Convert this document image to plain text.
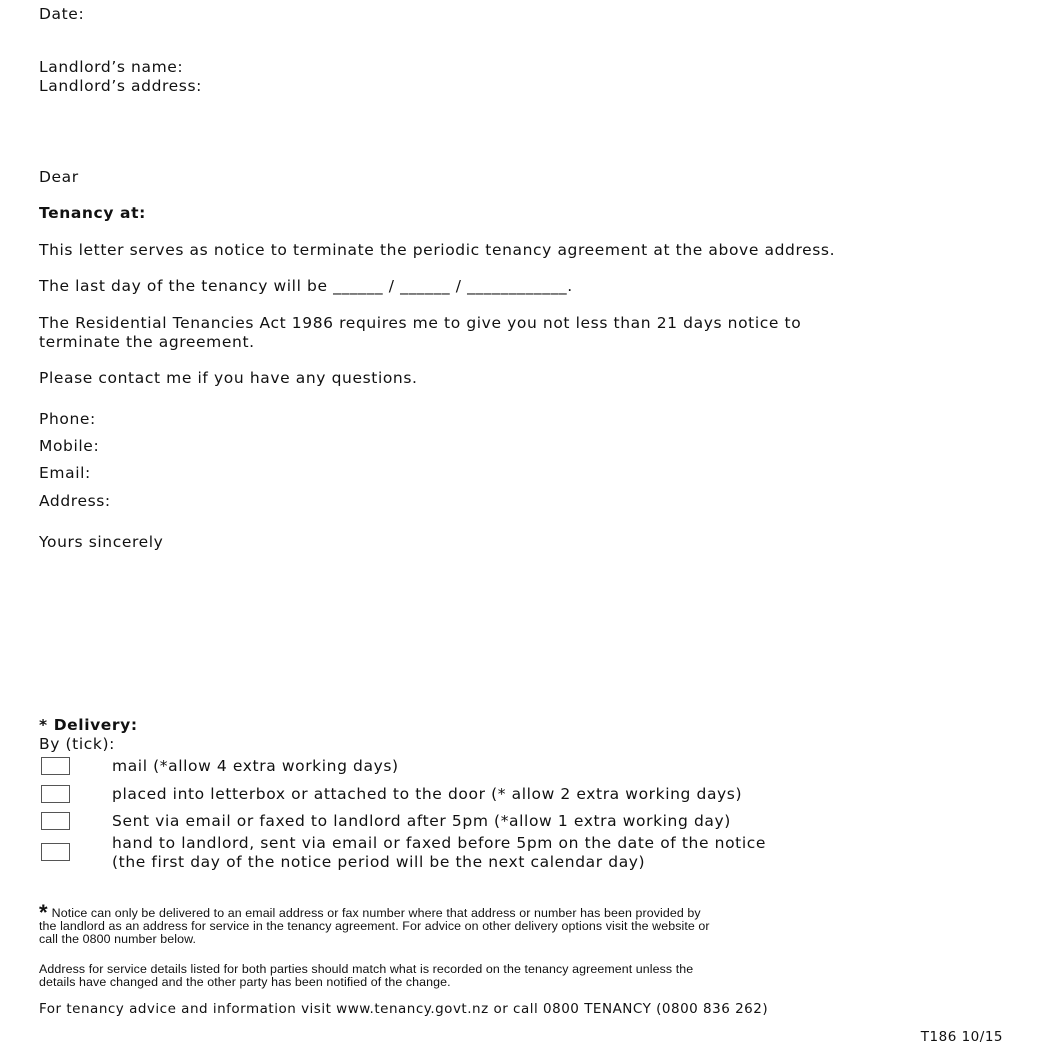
Date:
Landlord’s name:
Landlord’s address:
Dear
Tenancy at:
This letter serves as notice to terminate the periodic tenancy agreement at the above address.
The last day of the tenancy will be ______ / ______ / ____________.
The Residential Tenancies Act 1986 requires me to give you not less than 21 days notice to
terminate the agreement.
Please contact me if you have any questions.
Phone:
Mobile:
Email:
Address:
Yours sincerely
* Delivery:
By (tick):
mail (*allow 4 extra working days)
placed into letterbox or attached to the door (* allow 2 extra working days)
Sent via email or faxed to landlord after 5pm (*allow 1 extra working day)
hand to landlord, sent via email or faxed before 5pm on the date of the notice
(the first day of the notice period will be the next calendar day)
* Notice can only be delivered to an email address or fax number where that address or number has been provided by
the landlord as an address for service in the tenancy agreement. For advice on other delivery options visit the website or
call the 0800 number below.
Address for service details listed for both parties should match what is recorded on the tenancy agreement unless the
details have changed and the other party has been notified of the change.
For tenancy advice and information visit www.tenancy.govt.nz or call 0800 TENANCY (0800 836 262)
T186 10/15
